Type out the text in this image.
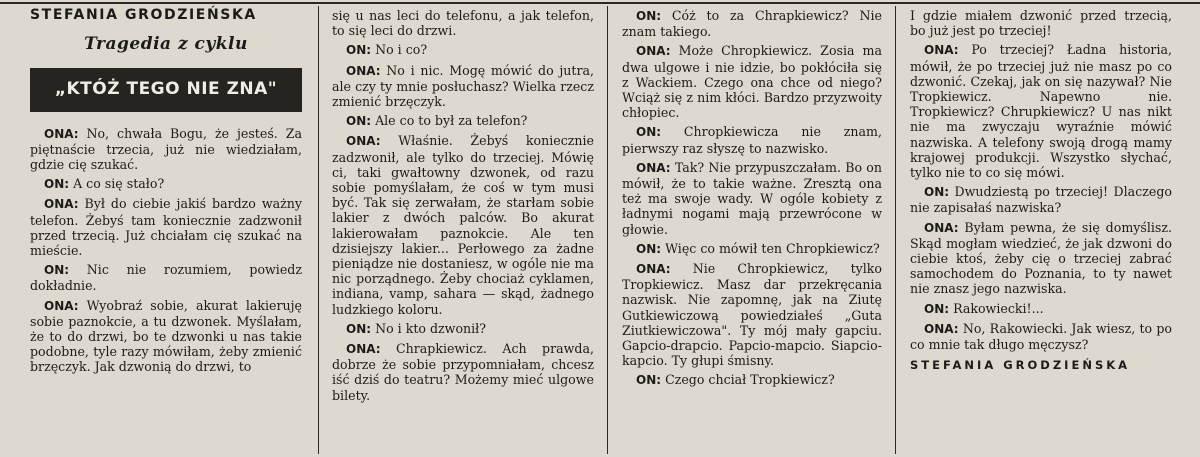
STEFANIA GRODZIEŃSKA
Tragedia z cyklu
„KTÓŻ TEGO NIE ZNA"

ONA: No, chwała Bogu, że jesteś. Za piętnaście trzecia, już nie wiedziałam, gdzie cię szukać.

ON: A co się stało?

ONA: Był do ciebie jakiś bardzo ważny telefon. Żebyś tam koniecznie zadzwonił przed trzecią. Już chciałam cię szukać na mieście.

ON: Nic nie rozumiem, powiedz dokładnie.

ONA: Wyobraź sobie, akurat lakieruję sobie paznokcie, a tu dzwonek. Myślałam, że to do drzwi, bo te dzwonki u nas takie podobne, tyle razy mówiłam, żeby zmienić brzęczyk. Jak dzwonią do drzwi, to

się u nas leci do telefonu, a jak telefon, to się leci do drzwi.

ON: No i co?

ONA: No i nic. Mogę mówić do jutra, ale czy ty mnie posłuchasz? Wielka rzecz zmienić brzęczyk.

ON: Ale co to był za telefon?

ONA: Właśnie. Żebyś koniecznie zadzwonił, ale tylko do trzeciej. Mówię ci, taki gwałtowny dzwonek, od razu sobie pomyślałam, że coś w tym musi być. Tak się zerwałam, że starłam sobie lakier z dwóch palców. Bo akurat lakierowałam paznokcie. Ale ten dzisiejszy lakier... Perłowego za żadne pieniądze nie dostaniesz, w ogóle nie ma nic porządnego. Żeby chociaż cyklamen, indiana, vamp, sahara — skąd, żadnego ludzkiego koloru.

ON: No i kto dzwonił?

ONA: Chrapkiewicz. Ach prawda, dobrze że sobie przypomniałam, chcesz iść dziś do teatru? Możemy mieć ulgowe bilety.

ON: Cóż to za Chrapkiewicz? Nie znam takiego.

ONA: Może Chropkiewicz. Zosia ma dwa ulgowe i nie idzie, bo pokłóciła się z Wackiem. Czego ona chce od niego? Wciąż się z nim kłóci. Bardzo przyzwoity chłopiec.

ON: Chropkiewicza nie znam, pierwszy raz słyszę to nazwisko.

ONA: Tak? Nie przypuszczałam. Bo on mówił, że to takie ważne. Zresztą ona też ma swoje wady. W ogóle kobiety z ładnymi nogami mają przewrócone w głowie.

ON: Więc co mówił ten Chropkiewicz?

ONA: Nie Chropkiewicz, tylko Tropkiewicz. Masz dar przekręcania nazwisk. Nie zapomnę, jak na Ziutę Gutkiewiczową powiedziałeś „Guta Ziutkiewiczowa". Ty mój mały gapciu. Gapcio-drapcio. Papcio-mapcio. Siapcio-kapcio. Ty głupi śmisny.

ON: Czego chciał Tropkiewicz?

I gdzie miałem dzwonić przed trzecią, bo już jest po trzeciej!

ONA: Po trzeciej? Ładna historia, mówił, że po trzeciej już nie masz po co dzwonić. Czekaj, jak on się nazywał? Nie Tropkiewicz. Napewno nie. Tropkiewicz? Chrupkiewicz? U nas nikt nie ma zwyczaju wyraźnie mówić nazwiska. A telefony swoją drogą mamy krajowej produkcji. Wszystko słychać, tylko nie to co się mówi.

ON: Dwudziestą po trzeciej! Dlaczego nie zapisałaś nazwiska?

ONA: Byłam pewna, że się domyślisz. Skąd mogłam wiedzieć, że jak dzwoni do ciebie ktoś, żeby cię o trzeciej zabrać samochodem do Poznania, to ty nawet nie znasz jego nazwiska.

ON: Rakowiecki!...

ONA: No, Rakowiecki. Jak wiesz, to po co mnie tak długo męczysz?

STEFANIA GRODZIEŃSKA
